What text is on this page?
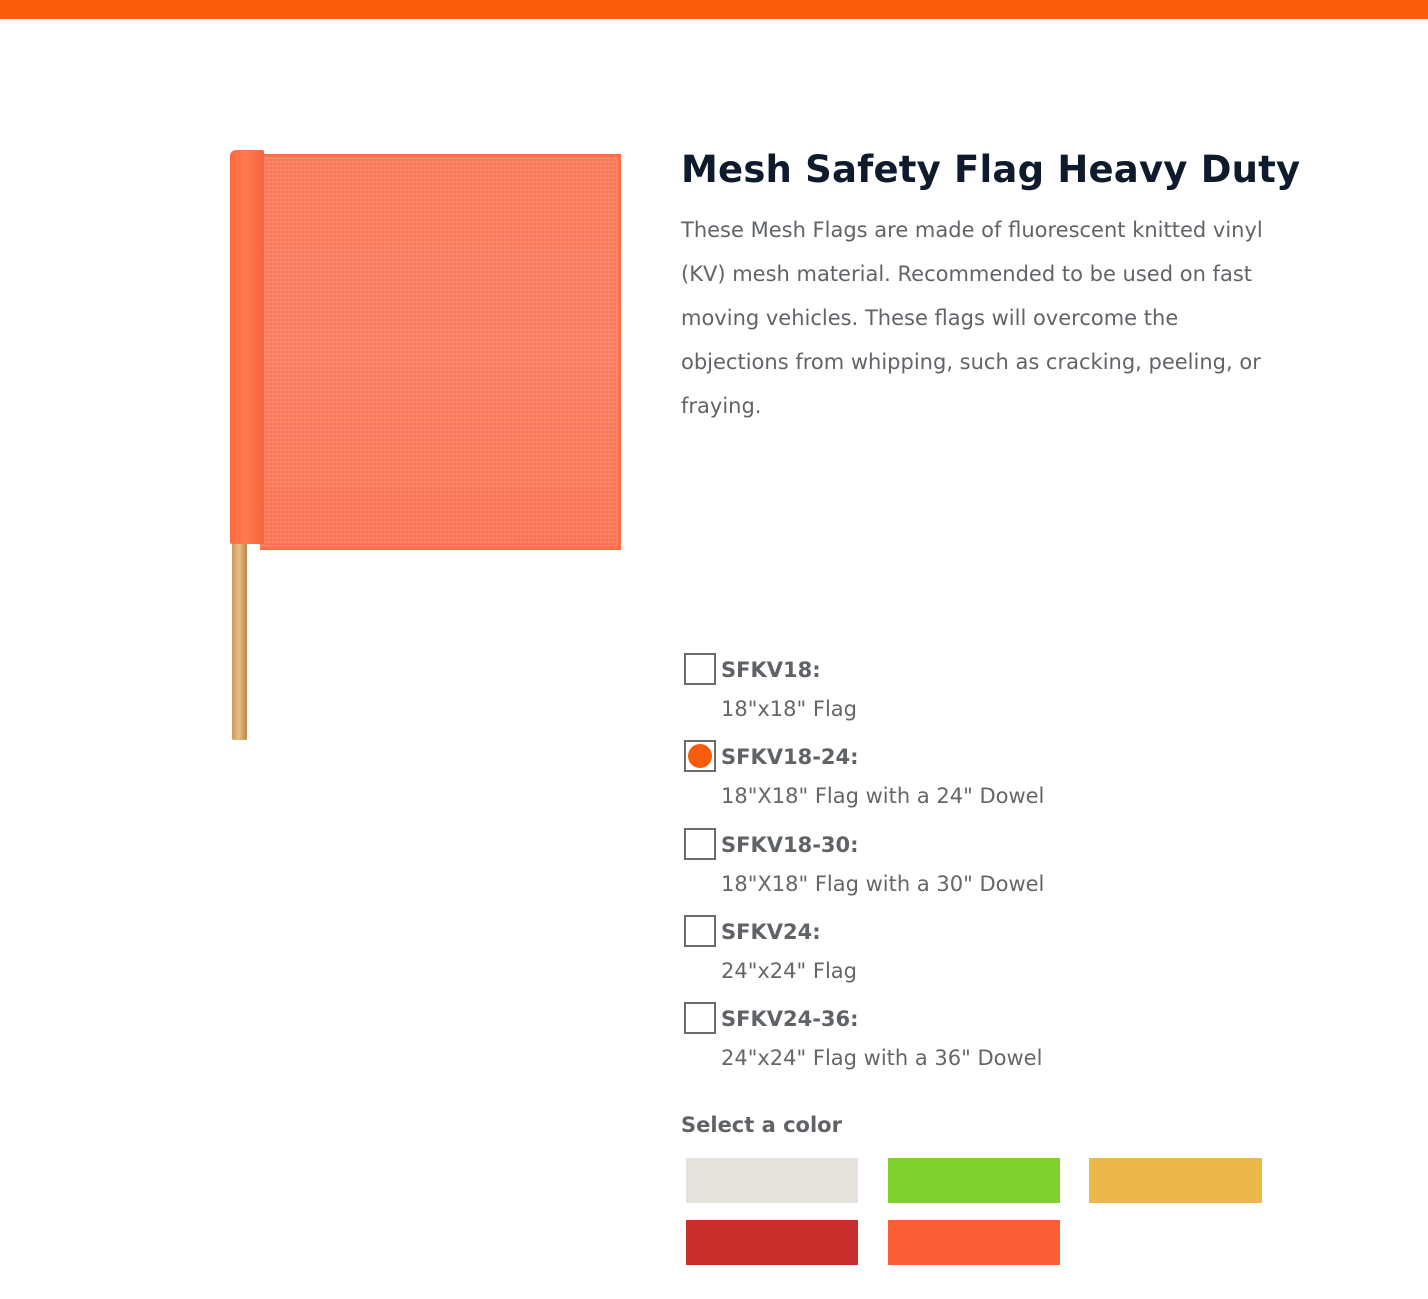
Mesh Safety Flag Heavy Duty

These Mesh Flags are made of fluorescent knitted vinyl (KV) mesh material. Recommended to be used on fast moving vehicles. These flags will overcome the objections from whipping, such as cracking, peeling, or fraying.

SFKV18:
18"x18" Flag
SFKV18-24:
18"X18" Flag with a 24" Dowel
SFKV18-30:
18"X18" Flag with a 30" Dowel
SFKV24:
24"x24" Flag
SFKV24-36:
24"x24" Flag with a 36" Dowel
Select a color
